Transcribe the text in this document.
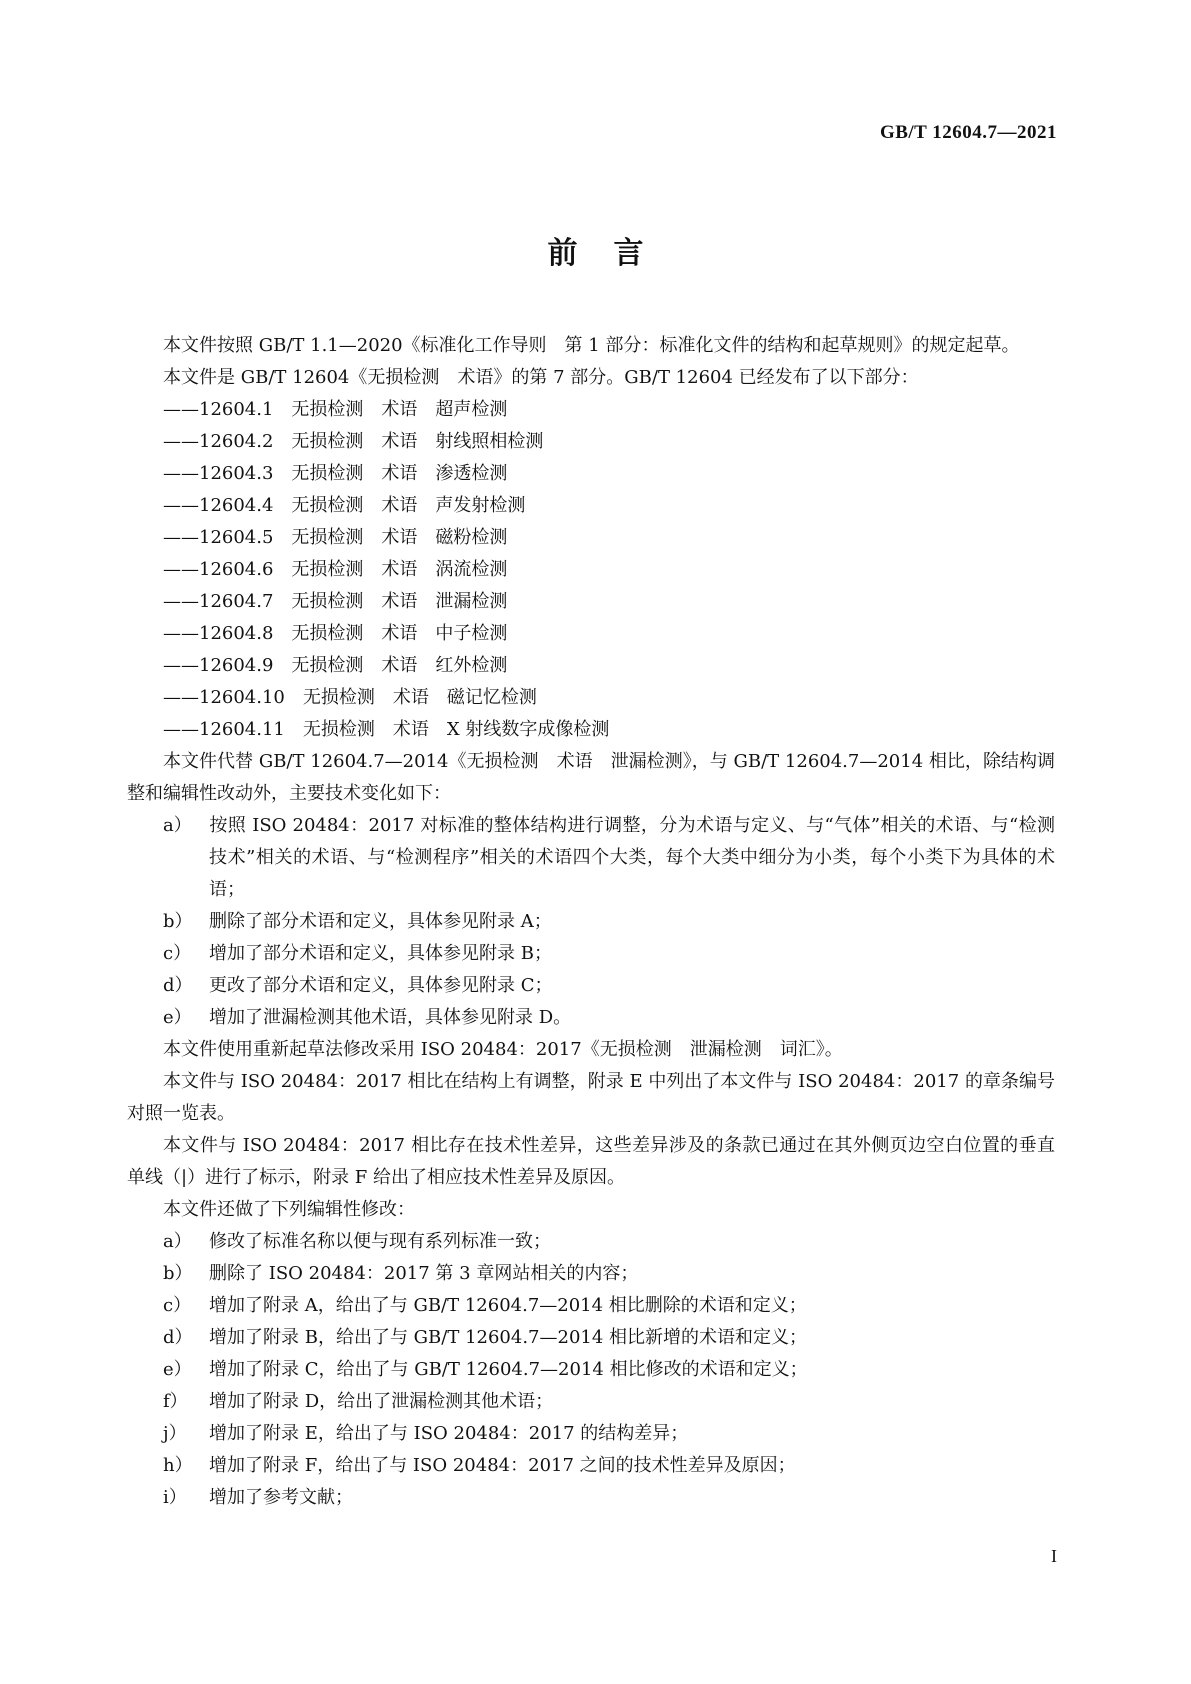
GB/T 12604.7—2021

前言

本文件按照 GB/T 1.1—2020《标准化工作导则　第 1 部分：标准化文件的结构和起草规则》的规定起草。

本文件是 GB/T 12604《无损检测　术语》的第 7 部分。GB/T 12604 已经发布了以下部分：

——12604.1　无损检测　术语　超声检测

——12604.2　无损检测　术语　射线照相检测

——12604.3　无损检测　术语　渗透检测

——12604.4　无损检测　术语　声发射检测

——12604.5　无损检测　术语　磁粉检测

——12604.6　无损检测　术语　涡流检测

——12604.7　无损检测　术语　泄漏检测

——12604.8　无损检测　术语　中子检测

——12604.9　无损检测　术语　红外检测

——12604.10　无损检测　术语　磁记忆检测

——12604.11　无损检测　术语　X 射线数字成像检测

本文件代替 GB/T 12604.7—2014《无损检测　术语　泄漏检测》，与 GB/T 12604.7—2014 相比，除结构调整和编辑性改动外，主要技术变化如下：

a） 按照 ISO 20484：2017 对标准的整体结构进行调整，分为术语与定义、与“气体”相关的术语、与“检测技术”相关的术语、与“检测程序”相关的术语四个大类，每个大类中细分为小类，每个小类下为具体的术语；

b） 删除了部分术语和定义，具体参见附录 A；

c） 增加了部分术语和定义，具体参见附录 B；

d） 更改了部分术语和定义，具体参见附录 C；

e） 增加了泄漏检测其他术语，具体参见附录 D。

本文件使用重新起草法修改采用 ISO 20484：2017《无损检测　泄漏检测　词汇》。

本文件与 ISO 20484：2017 相比在结构上有调整，附录 E 中列出了本文件与 ISO 20484：2017 的章条编号对照一览表。

本文件与 ISO 20484：2017 相比存在技术性差异，这些差异涉及的条款已通过在其外侧页边空白位置的垂直单线（|）进行了标示，附录 F 给出了相应技术性差异及原因。

本文件还做了下列编辑性修改：

a） 修改了标准名称以便与现有系列标准一致；

b） 删除了 ISO 20484：2017 第 3 章网站相关的内容；

c） 增加了附录 A，给出了与 GB/T 12604.7—2014 相比删除的术语和定义；

d） 增加了附录 B，给出了与 GB/T 12604.7—2014 相比新增的术语和定义；

e） 增加了附录 C，给出了与 GB/T 12604.7—2014 相比修改的术语和定义；

f） 增加了附录 D，给出了泄漏检测其他术语；

j） 增加了附录 E，给出了与 ISO 20484：2017 的结构差异；

h） 增加了附录 F，给出了与 ISO 20484：2017 之间的技术性差异及原因；

i） 增加了参考文献；

I
